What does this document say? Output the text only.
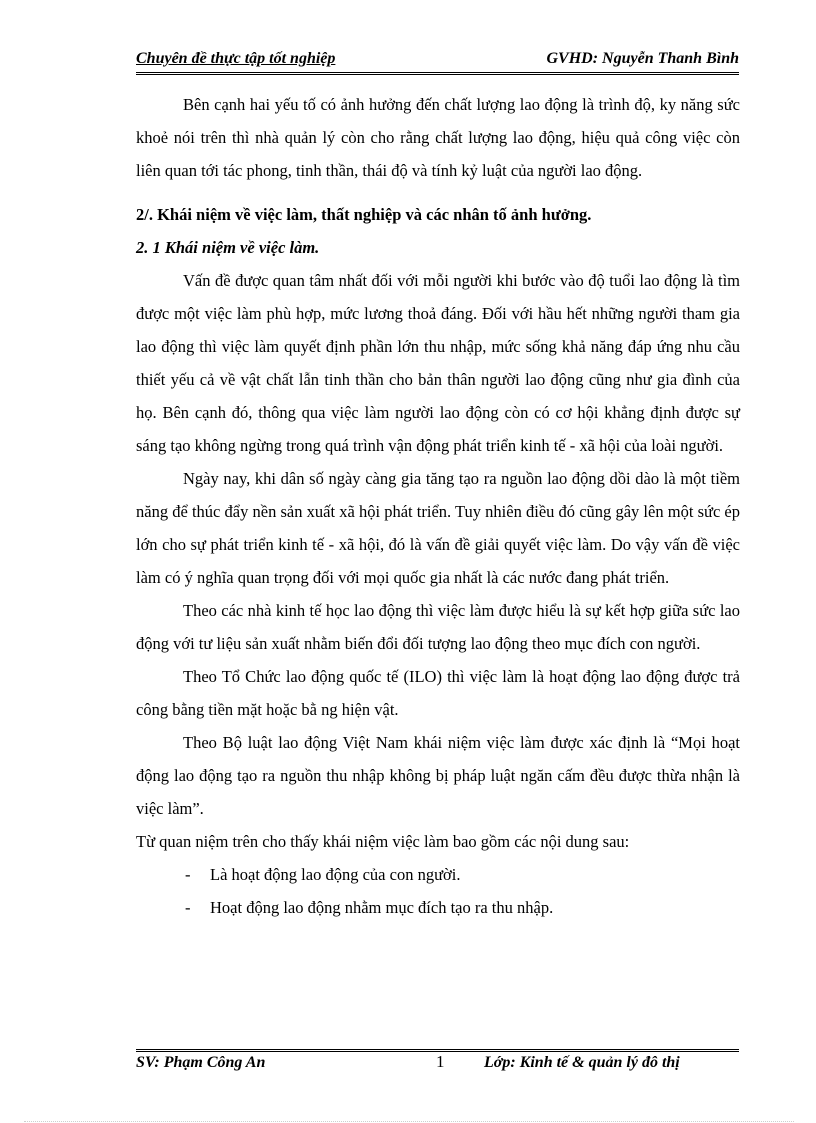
Chuyên đề thực tập tốt nghiệp	GVHD: Nguyễn Thanh Bình

Bên cạnh hai yếu tố có ảnh hưởng đến chất lượng lao động là trình độ, ky năng sức khoẻ nói trên thì nhà quản lý còn cho rằng chất lượng lao động, hiệu quả công việc còn liên quan tới tác phong, tinh thần, thái độ và tính kỷ luật của người lao động.

2/. Khái niệm về việc làm, thất nghiệp và các nhân tố ảnh hưởng.

2. 1 Khái niệm về việc làm.

Vấn đề được quan tâm nhất đối với mỗi người khi bước vào độ tuổi lao động là tìm được một việc làm phù hợp, mức lương thoả đáng. Đối với hầu hết những người tham gia lao động thì việc làm quyết định phần lớn thu nhập, mức sống khả năng đáp ứng nhu cầu thiết yếu cả về vật chất lẫn tinh thần cho bản thân người lao động cũng như gia đình của họ. Bên cạnh đó, thông qua việc làm người lao động còn có cơ hội khẳng định được sự sáng tạo không ngừng trong quá trình vận động phát triển kinh tế - xã hội của loài người.

Ngày nay, khi dân số ngày càng gia tăng tạo ra nguồn lao động dồi dào là một tiềm năng để thúc đẩy nền sản xuất xã hội phát triển. Tuy nhiên điều đó cũng gây lên một sức ép lớn cho sự phát triển kinh tế - xã hội, đó là vấn đề giải quyết việc làm. Do vậy vấn đề việc làm có ý nghĩa quan trọng đối với mọi quốc gia nhất là các nước đang phát triển.

Theo các nhà kinh tế học lao động thì việc làm được hiểu là sự kết hợp giữa sức lao động với tư liệu sản xuất nhằm biến đổi đối tượng lao động theo mục đích con người.

Theo Tổ Chức lao động quốc tế (ILO) thì việc làm là hoạt động lao động được trả công bằng tiền mặt hoặc bằ ng hiện vật.

Theo Bộ luật lao động Việt Nam khái niệm việc làm được xác định là “Mọi hoạt động lao động tạo ra nguồn thu nhập không bị pháp luật ngăn cấm đều được thừa nhận là việc làm”.

Từ quan niệm trên cho thấy khái niệm việc làm bao gồm các nội dung sau:

- Là hoạt động lao động của con người.

- Hoạt động lao động nhằm mục đích tạo ra thu nhập.

SV: Phạm Công An	1 Lớp: Kinh tế & quản lý đô thị
